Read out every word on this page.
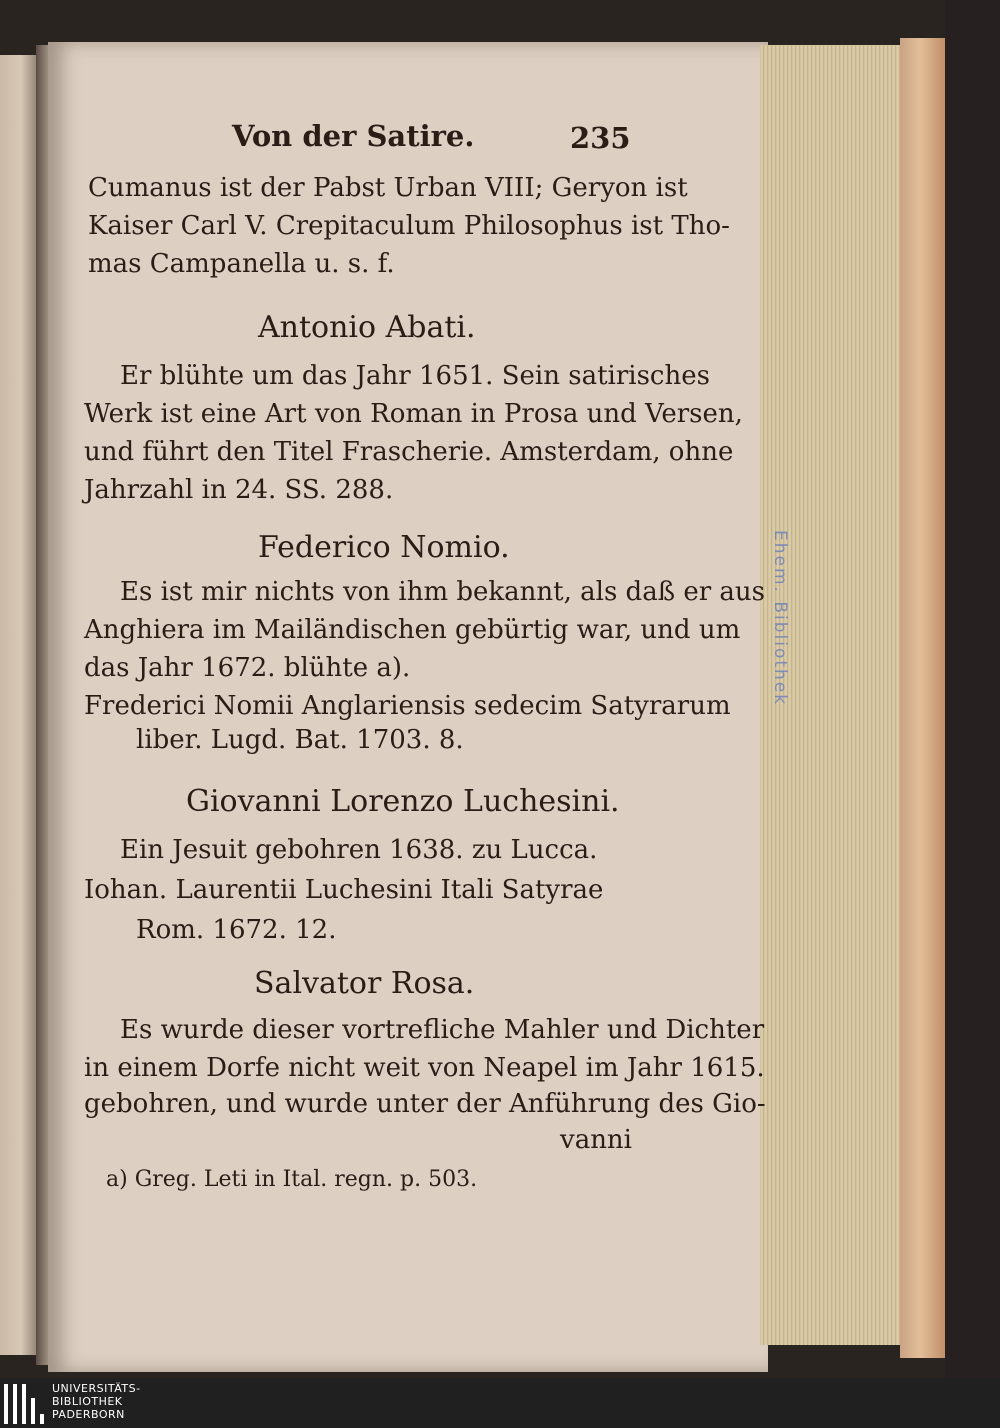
Ehem. Bibliothek
Von der Satire.	235
Cumanus ist der Pabst Urban VIII; Geryon ist
Kaiser Carl V. Crepitaculum Philosophus ist Tho-
mas Campanella u. s. f.
Antonio Abati.
Er blühte um das Jahr 1651. Sein satirisches
Werk ist eine Art von Roman in Prosa und Versen,
und führt den Titel Frascherie. Amsterdam, ohne
Jahrzahl in 24. SS. 288.
Federico Nomio.
Es ist mir nichts von ihm bekannt, als daß er aus
Anghiera im Mailändischen gebürtig war, und um
das Jahr 1672. blühte a).
Frederici Nomii Anglariensis sedecim Satyrarum
liber. Lugd. Bat. 1703. 8.
Giovanni Lorenzo Luchesini.
Ein Jesuit gebohren 1638. zu Lucca.
Iohan. Laurentii Luchesini Itali Satyrae
Rom. 1672. 12.
Salvator Rosa.
Es wurde dieser vortrefliche Mahler und Dichter
in einem Dorfe nicht weit von Neapel im Jahr 1615.
gebohren, und wurde unter der Anführung des Gio-
vanni
a) Greg. Leti in Ital. regn. p. 503.
UNIVERSITÄTS-
BIBLIOTHEK
PADERBORN
